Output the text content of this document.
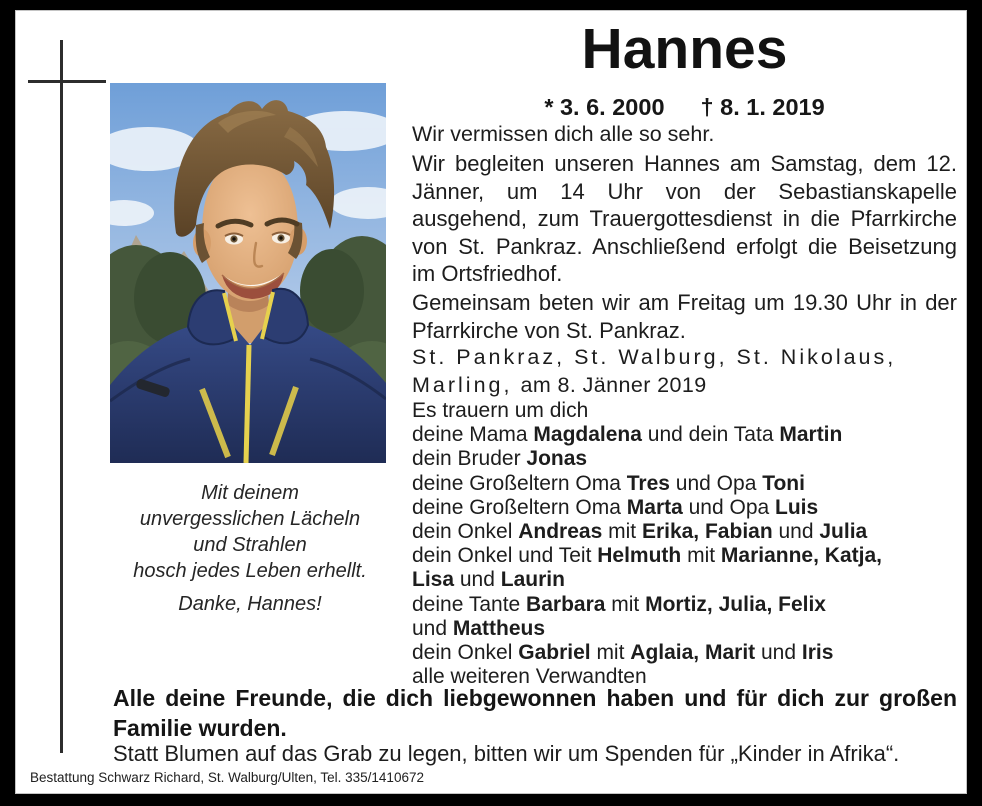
Mit deinem
unvergesslichen Lächeln
und Strahlen
hosch jedes Leben erhellt.
Danke, Hannes!
Hannes
* 3. 6. 2000 † 8. 1. 2019
Wir vermissen dich alle so sehr.
Wir begleiten unseren Hannes am Samstag, dem 12. Jänner, um 14 Uhr von der Sebastianskapelle ausgehend, zum Trauergottesdienst in die Pfarrkirche von St. Pankraz. Anschließend erfolgt die Beisetzung im Ortsfriedhof.
Gemeinsam beten wir am Freitag um 19.30 Uhr in der Pfarrkirche von St. Pankraz.
St. Pankraz, St. Walburg, St. Nikolaus,
Marling, am 8. Jänner 2019
Es trauern um dich
deine Mama Magdalena und dein Tata Martin
dein Bruder Jonas
deine Großeltern Oma Tres und Opa Toni
deine Großeltern Oma Marta und Opa Luis
dein Onkel Andreas mit Erika, Fabian und Julia
dein Onkel und Teit Helmuth mit Marianne, Katja,
Lisa und Laurin
deine Tante Barbara mit Mortiz, Julia, Felix
und Mattheus
dein Onkel Gabriel mit Aglaia, Marit und Iris
alle weiteren Verwandten
Alle deine Freunde, die dich liebgewonnen haben und für dich zur großen Familie wurden.
Statt Blumen auf das Grab zu legen, bitten wir um Spenden für „Kinder in Afrika“.
Bestattung Schwarz Richard, St. Walburg/Ulten, Tel. 335/1410672
